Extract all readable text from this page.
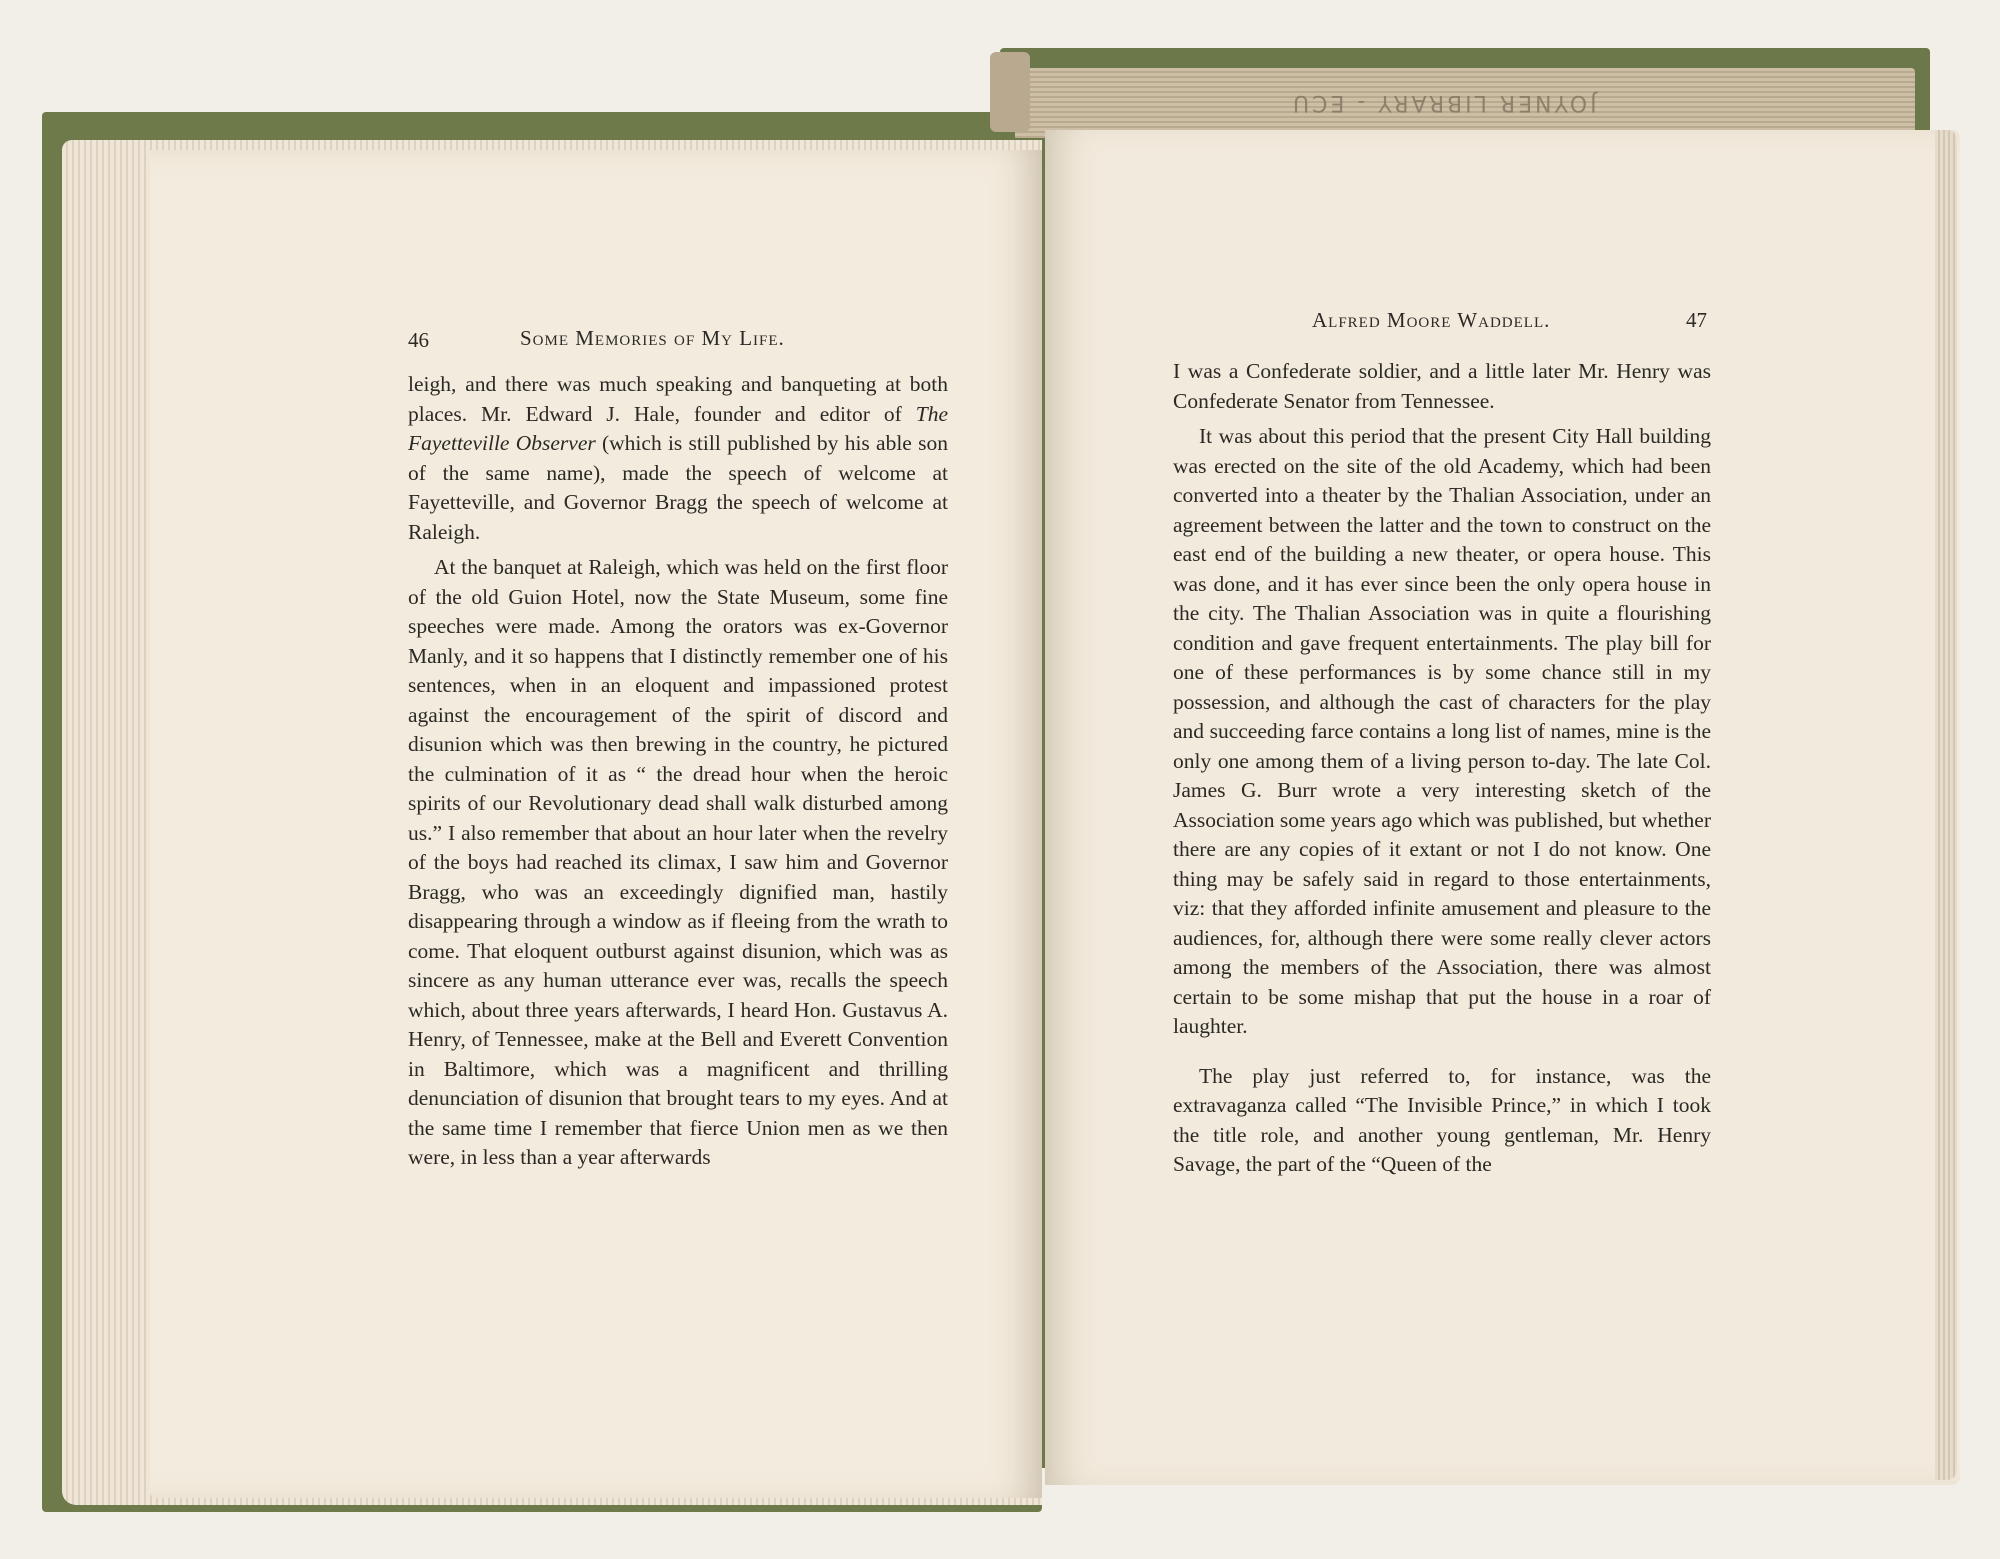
JOYNER LIBRARY - ECU
46	Some Memories of My Life.

leigh, and there was much speaking and banqueting at both places. Mr. Edward J. Hale, founder and editor of The Fayetteville Observer (which is still published by his able son of the same name), made the speech of welcome at Fayetteville, and Governor Bragg the speech of welcome at Raleigh.

At the banquet at Raleigh, which was held on the first floor of the old Guion Hotel, now the State Museum, some fine speeches were made. Among the orators was ex-Governor Manly, and it so happens that I distinctly remember one of his sentences, when in an eloquent and impassioned protest against the encouragement of the spirit of discord and disunion which was then brewing in the country, he pictured the culmination of it as “ the dread hour when the heroic spirits of our Revolutionary dead shall walk disturbed among us.” I also remember that about an hour later when the revelry of the boys had reached its climax, I saw him and Governor Bragg, who was an exceedingly dignified man, hastily disappearing through a window as if fleeing from the wrath to come. That eloquent outburst against disunion, which was as sincere as any human utterance ever was, recalls the speech which, about three years afterwards, I heard Hon. Gustavus A. Henry, of Tennessee, make at the Bell and Everett Convention in Baltimore, which was a magnificent and thrilling denunciation of disunion that brought tears to my eyes. And at the same time I remember that fierce Union men as we then were, in less than a year afterwards

Alfred Moore Waddell.	47

I was a Confederate soldier, and a little later Mr. Henry was Confederate Senator from Tennessee.

It was about this period that the present City Hall building was erected on the site of the old Academy, which had been converted into a theater by the Thalian Association, under an agreement between the latter and the town to construct on the east end of the building a new theater, or opera house. This was done, and it has ever since been the only opera house in the city. The Thalian Association was in quite a flourishing condition and gave frequent entertainments. The play bill for one of these performances is by some chance still in my possession, and although the cast of characters for the play and succeeding farce contains a long list of names, mine is the only one among them of a living person to-day. The late Col. James G. Burr wrote a very interesting sketch of the Association some years ago which was published, but whether there are any copies of it extant or not I do not know. One thing may be safely said in regard to those entertainments, viz: that they afforded infinite amusement and pleasure to the audiences, for, although there were some really clever actors among the members of the Association, there was almost certain to be some mishap that put the house in a roar of laughter.

The play just referred to, for instance, was the extravaganza called “The Invisible Prince,” in which I took the title role, and another young gentleman, Mr. Henry Savage, the part of the “Queen of the
